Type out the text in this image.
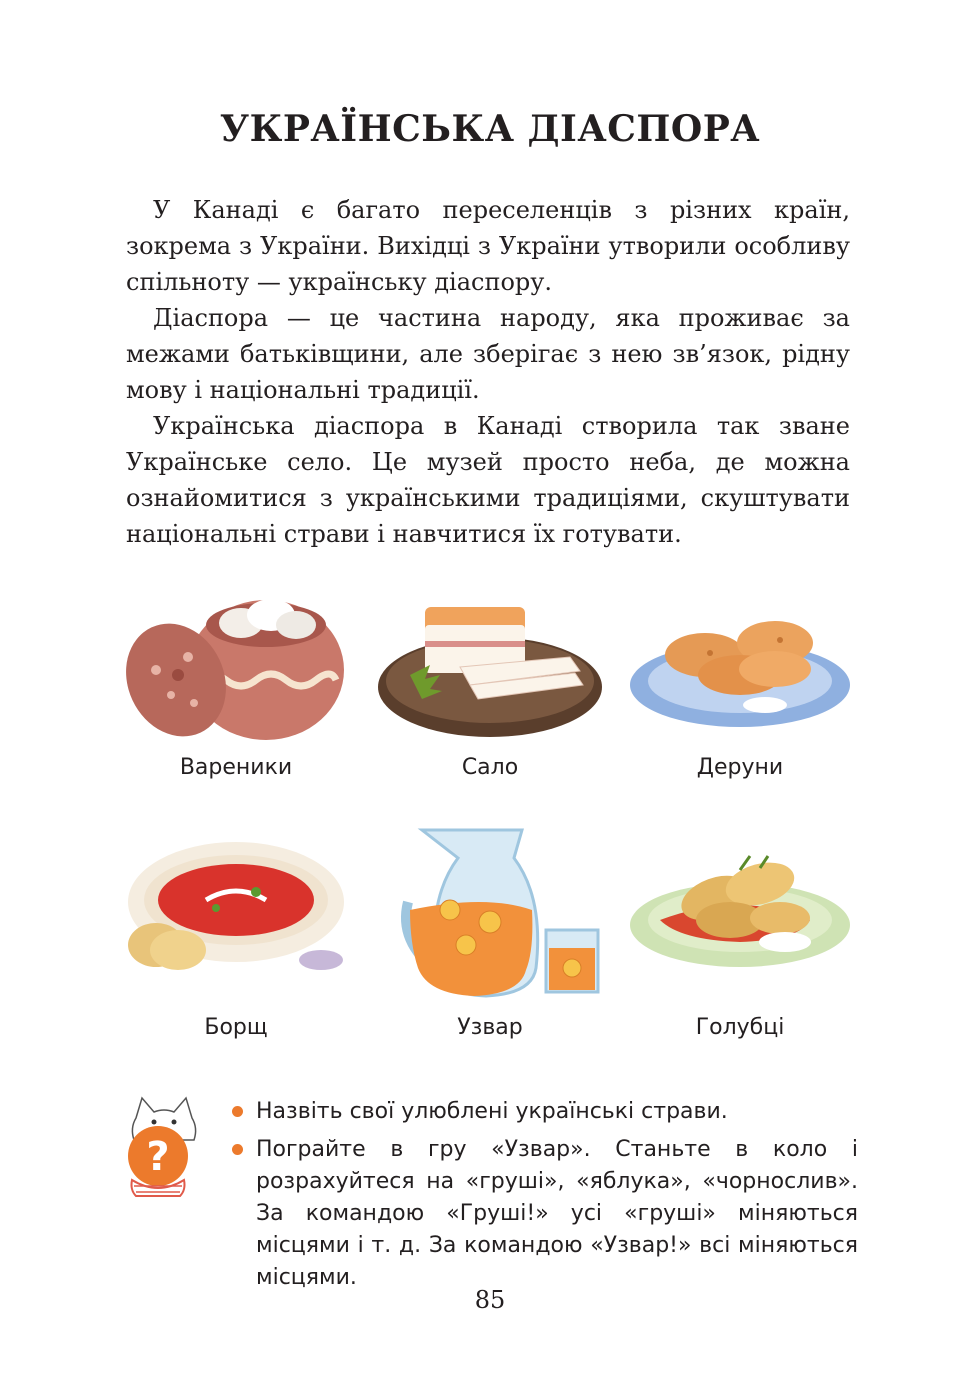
УКРАЇНСЬКА ДІАСПОРА

У Канаді є багато переселенців з різних країн, зокрема з України. Вихідці з України утворили особливу спільноту — українську діаспору.

Діаспора — це частина народу, яка проживає за межами батьківщини, але зберігає з нею зв’язок, рідну мову і національні традиції.

Українська діаспора в Канаді створила так зване Українське село. Це музей просто неба, де можна ознайомитися з українськими традиціями, скуштувати національні страви і навчитися їх готувати.

Вареники	Сало	Деруни
Борщ	Узвар	Голубці
?
Назвіть свої улюблені українські страви.
Пограйте в гру «Узвар». Станьте в коло і розрахуйтеся на «груші», «яблука», «чорнослив». За командою «Груші!» усі «груші» міняються місцями і т. д. За командою «Узвар!» всі міняються місцями.
85
